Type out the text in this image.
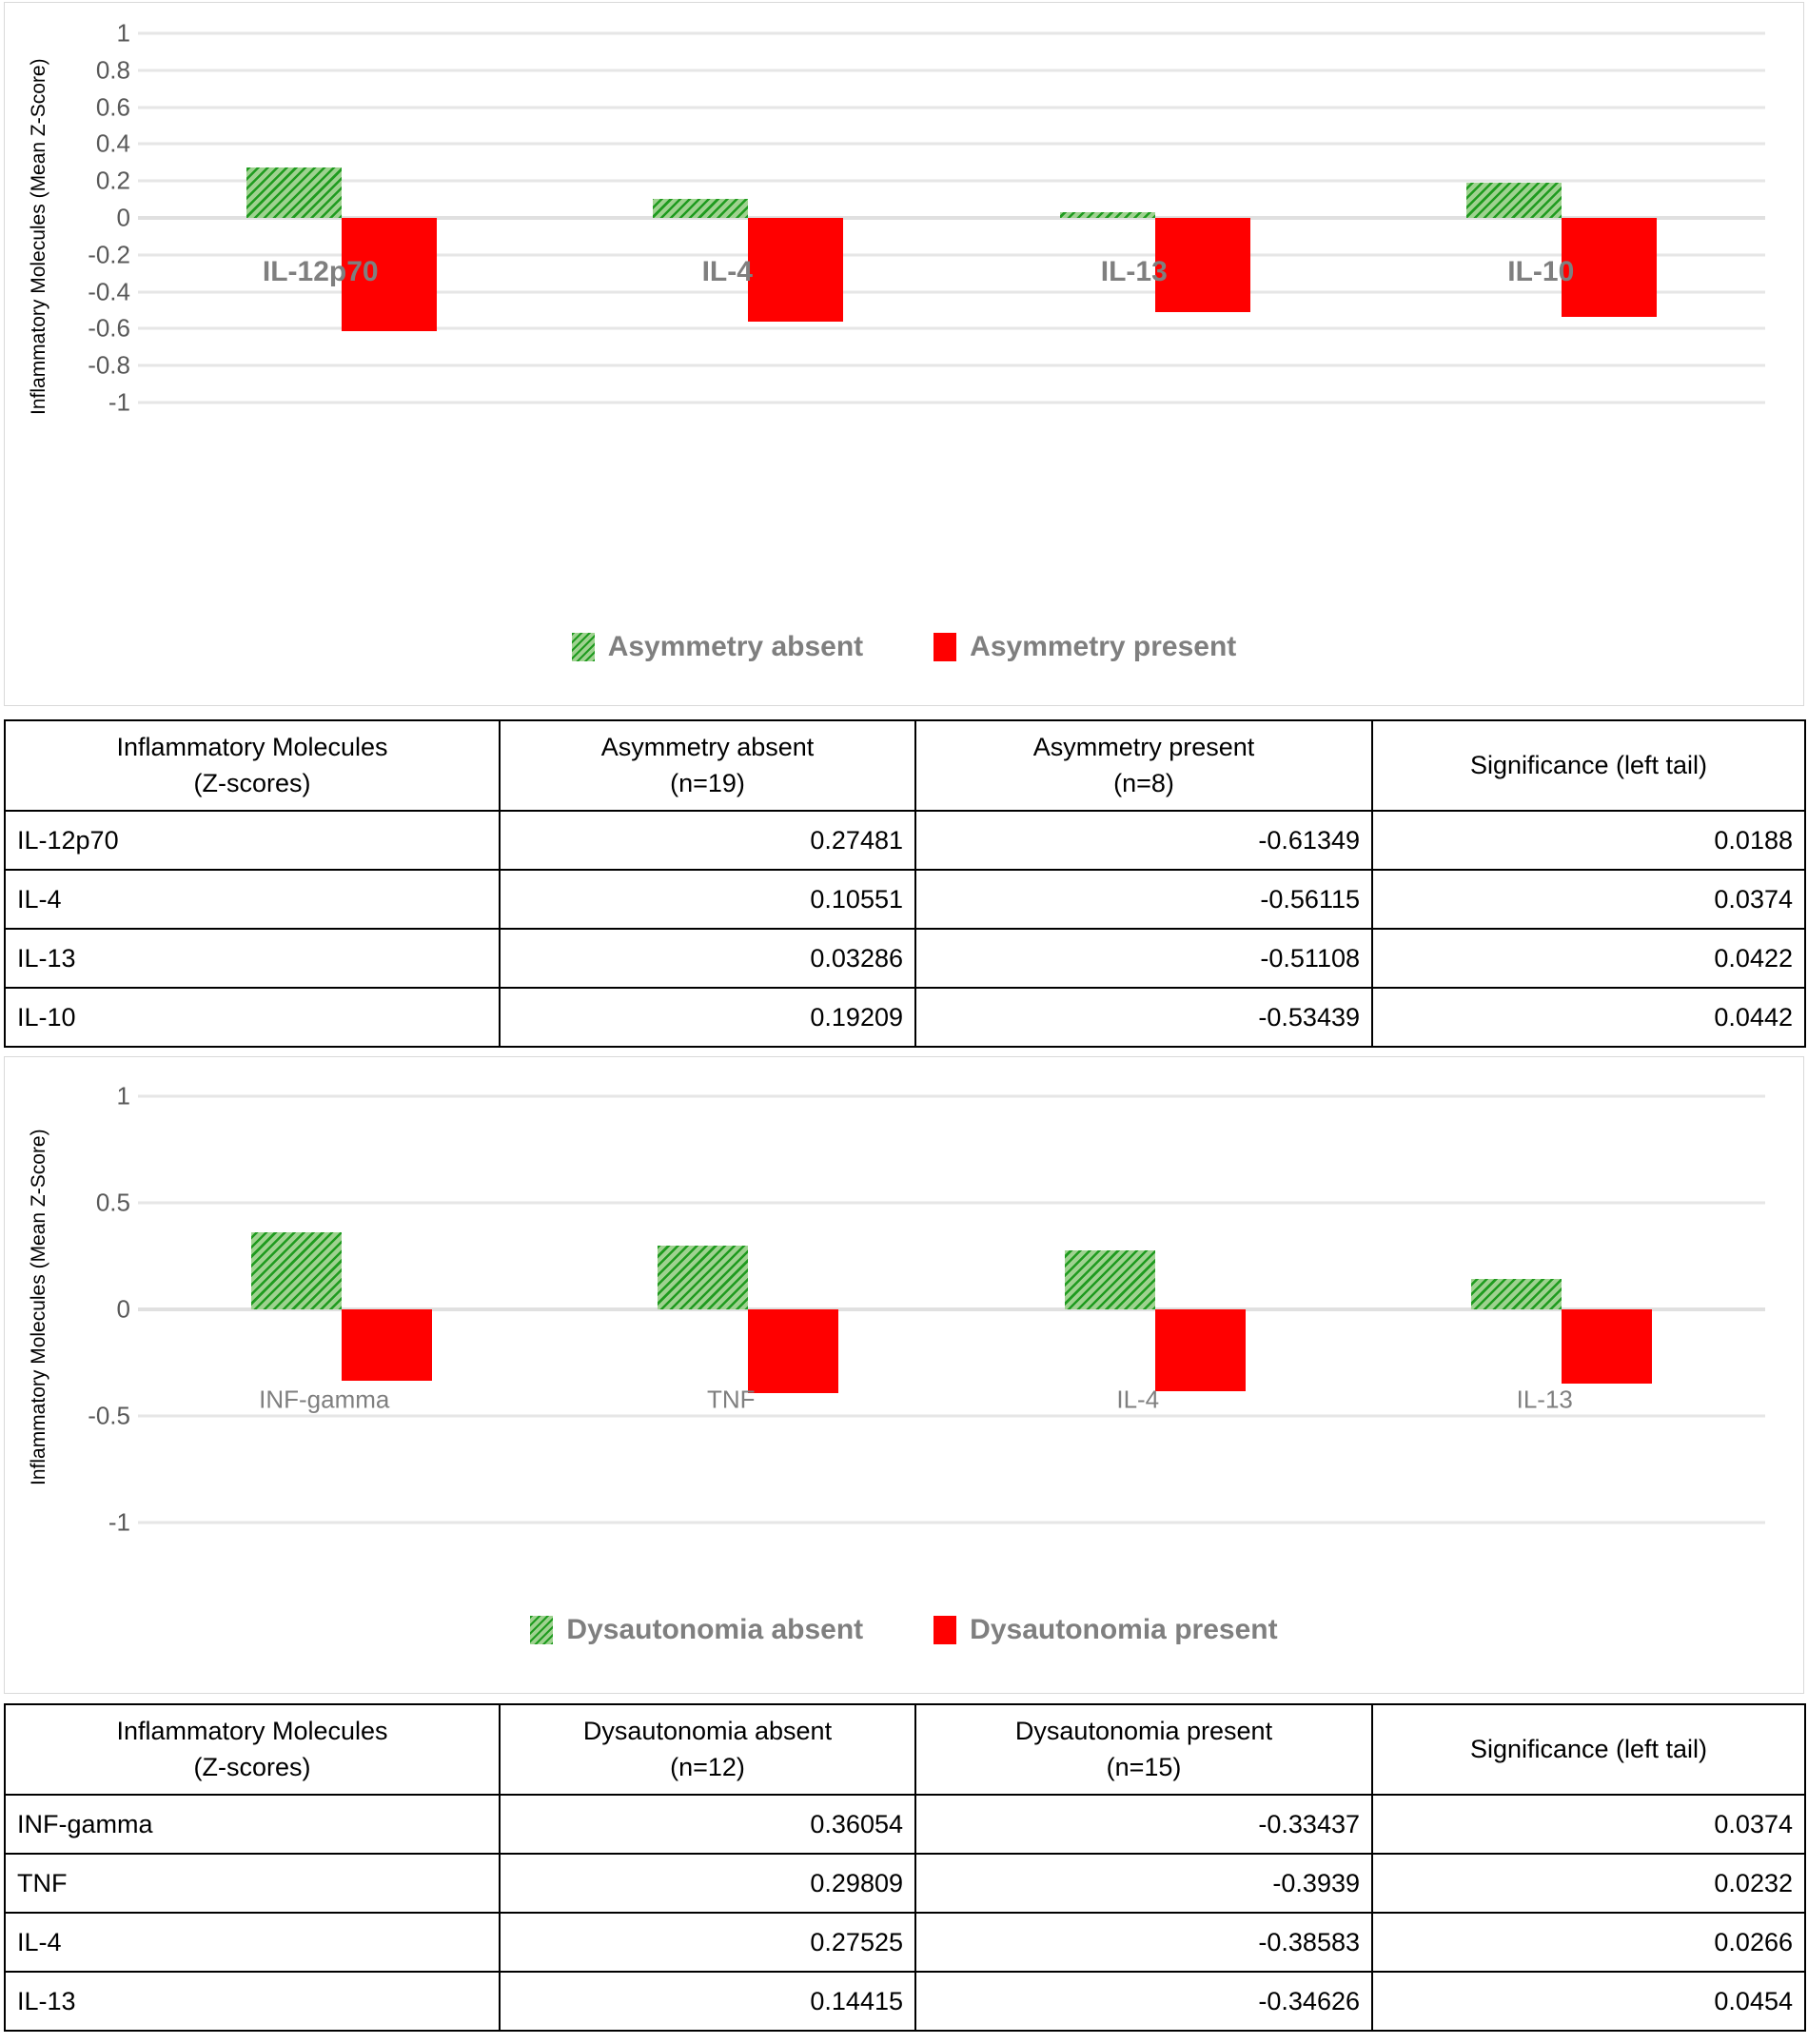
Inflammatory Molecules (Mean Z-Score)
1
0.8
0.6
0.4
0.2
0
-0.2
-0.4
-0.6
-0.8
-1
IL-12p70	IL-4	IL-13	IL-10
Asymmetry absent	Asymmetry present
Inflammatory Molecules
(Z-scores)

Asymmetry absent
(n=19)

Asymmetry present
(n=8)

Significance (left tail)

IL-12p70	0.27481	-0.61349	0.0188
IL-4	0.10551	-0.56115	0.0374
IL-13	0.03286	-0.51108	0.0422
IL-10	0.19209	-0.53439	0.0442
Inflammatory Molecules (Mean Z-Score)
1
0.5
0
-0.5
-1
INF-gamma	TNF	IL-4	IL-13
Dysautonomia absent	Dysautonomia present
Inflammatory Molecules
(Z-scores)

Dysautonomia absent
(n=12)

Dysautonomia present
(n=15)

Significance (left tail)

INF-gamma	0.36054	-0.33437	0.0374
TNF	0.29809	-0.3939	0.0232
IL-4	0.27525	-0.38583	0.0266
IL-13	0.14415	-0.34626	0.0454
